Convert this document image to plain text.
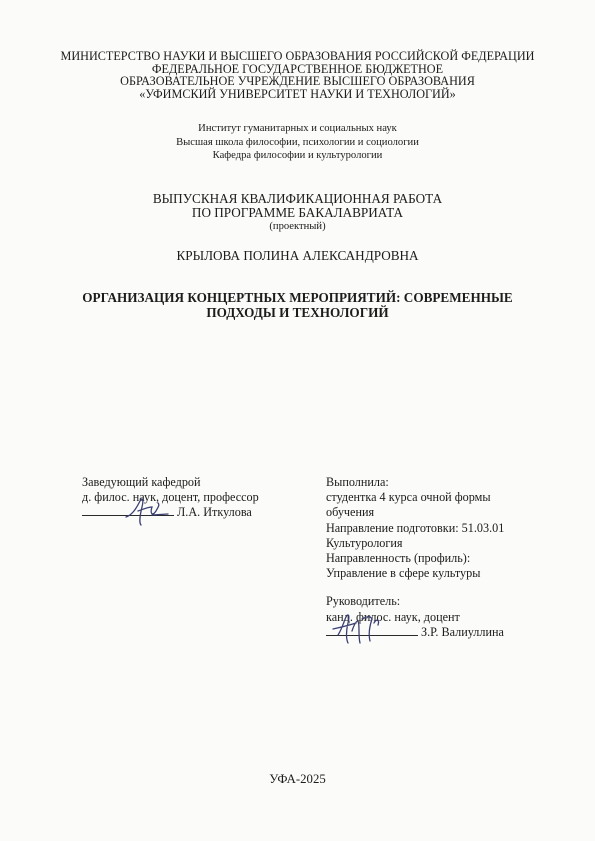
МИНИСТЕРСТВО НАУКИ И ВЫСШЕГО ОБРАЗОВАНИЯ РОССИЙСКОЙ ФЕДЕРАЦИИ
ФЕДЕРАЛЬНОЕ ГОСУДАРСТВЕННОЕ БЮДЖЕТНОЕ
ОБРАЗОВАТЕЛЬНОЕ УЧРЕЖДЕНИЕ ВЫСШЕГО ОБРАЗОВАНИЯ
«УФИМСКИЙ УНИВЕРСИТЕТ НАУКИ И ТЕХНОЛОГИЙ»
Институт гуманитарных и социальных наук
Высшая школа философии, психологии и социологии
Кафедра философии и культурологии
ВЫПУСКНАЯ КВАЛИФИКАЦИОННАЯ РАБОТА
ПО ПРОГРАММЕ БАКАЛАВРИАТА
(проектный)
КРЫЛОВА ПОЛИНА АЛЕКСАНДРОВНА
ОРГАНИЗАЦИЯ КОНЦЕРТНЫХ МЕРОПРИЯТИЙ: СОВРЕМЕННЫЕ
ПОДХОДЫ И ТЕХНОЛОГИЙ
Заведующий кафедрой
д. филос. наук, доцент, профессор
Л.А. Иткулова
Выполнила:
студентка 4 курса очной формы
обучения
Направление подготовки: 51.03.01
Культурология
Направленность (профиль):
Управление в сфере культуры
Руководитель:
канд. филос. наук, доцент
З.Р. Валиуллина
УФА-2025
